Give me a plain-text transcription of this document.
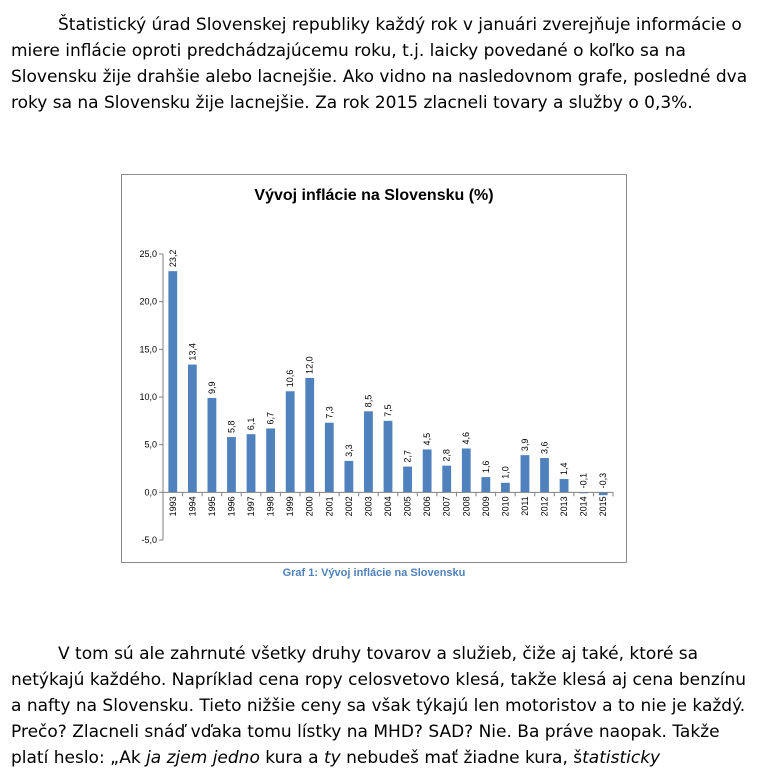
Štatistický úrad Slovenskej republiky každý rok v januári zverejňuje informácie o miere inflácie oproti predchádzajúcemu roku, t.j. laicky povedané o koľko sa na Slovensku žije drahšie alebo lacnejšie. Ako vidno na nasledovnom grafe, posledné dva roky sa na Slovensku žije lacnejšie. Za rok 2015 zlacneli tovary a služby o 0,3%.

Vývoj inflácie na Slovensku (%)
25,0
20,0
15,0
10,0
5,0
0,0
-5,0
23,2
1993
13,4
1994
9,9
1995
5,8
1996
6,1
1997
6,7
1998
10,6
1999
12,0
2000
7,3
2001
3,3
2002
8,5
2003
7,5
2004
2,7
2005
4,5
2006
2,8
2007
4,6
2008
1,6
2009
1,0
2010
3,9
2011
3,6
2012
1,4
2013
-0,1
2014
-0,3
2015
Graf 1: Vývoj inflácie na Slovensku

V tom sú ale zahrnuté všetky druhy tovarov a služieb, čiže aj také, ktoré sa netýkajú každého. Napríklad cena ropy celosvetovo klesá, takže klesá aj cena benzínu a nafty na Slovensku. Tieto nižšie ceny sa však týkajú len motoristov a to nie je každý. Prečo? Zlacneli snáď vďaka tomu lístky na MHD? SAD? Nie. Ba práve naopak. Takže platí heslo: „Ak ja zjem jedno kura a ty nebudeš mať žiadne kura, štatisticky
